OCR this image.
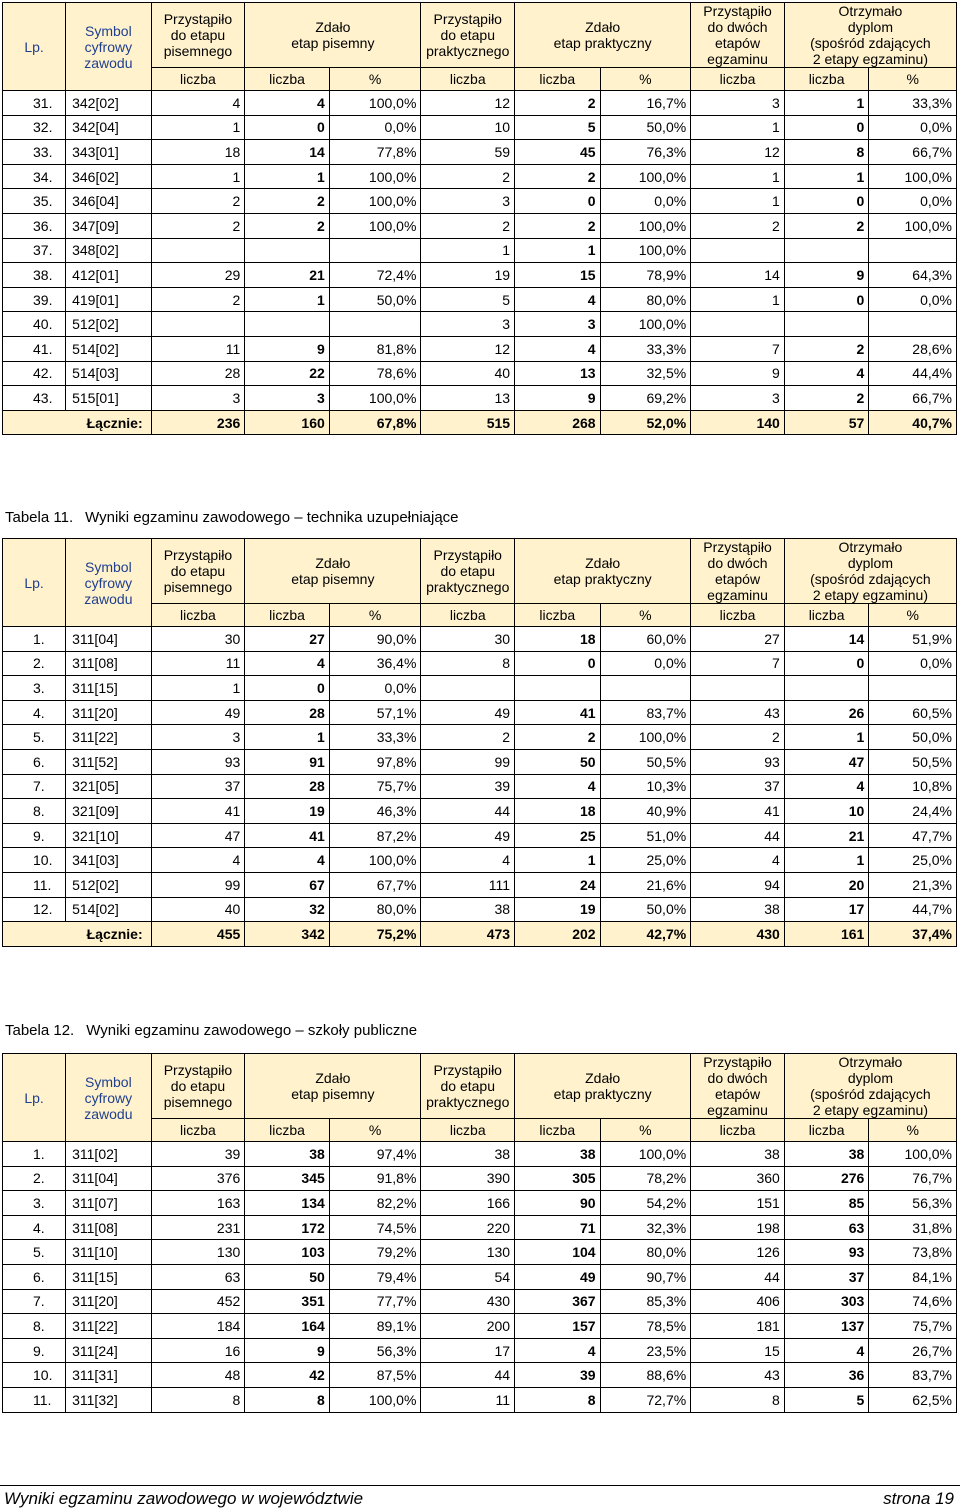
Lp.	Symbol
cyfrowy
zawodu	Przystąpiło
do etapu
pisemnego	Zdało
etap pisemny		Przystąpiło
do etapu
praktycznego	Zdało
etap praktyczny		Przystąpiło
do dwóch
etapów
egzaminu	Otrzymało
dyplom
(spośród zdających
2 etapy egzaminu)	
		liczba	liczba	%	liczba	liczba	%	liczba	liczba	%
31.	342[02]	4	4	100,0%	12	2	16,7%	3	1	33,3%
32.	342[04]	1	0	0,0%	10	5	50,0%	1	0	0,0%
33.	343[01]	18	14	77,8%	59	45	76,3%	12	8	66,7%
34.	346[02]	1	1	100,0%	2	2	100,0%	1	1	100,0%
35.	346[04]	2	2	100,0%	3	0	0,0%	1	0	0,0%
36.	347[09]	2	2	100,0%	2	2	100,0%	2	2	100,0%
37.	348[02]				1	1	100,0%			
38.	412[01]	29	21	72,4%	19	15	78,9%	14	9	64,3%
39.	419[01]	2	1	50,0%	5	4	80,0%	1	0	0,0%
40.	512[02]				3	3	100,0%			
41.	514[02]	11	9	81,8%	12	4	33,3%	7	2	28,6%
42.	514[03]	28	22	78,6%	40	13	32,5%	9	4	44,4%
43.	515[01]	3	3	100,0%	13	9	69,2%	3	2	66,7%
Łącznie:		236	160	67,8%	515	268	52,0%	140	57	40,7%
Tabela 11. Wyniki egzaminu zawodowego – technika uzupełniające
Lp.	Symbol
cyfrowy
zawodu	Przystąpiło
do etapu
pisemnego	Zdało
etap pisemny		Przystąpiło
do etapu
praktycznego	Zdało
etap praktyczny		Przystąpiło
do dwóch
etapów
egzaminu	Otrzymało
dyplom
(spośród zdających
2 etapy egzaminu)	
		liczba	liczba	%	liczba	liczba	%	liczba	liczba	%
1.	311[04]	30	27	90,0%	30	18	60,0%	27	14	51,9%
2.	311[08]	11	4	36,4%	8	0	0,0%	7	0	0,0%
3.	311[15]	1	0	0,0%						
4.	311[20]	49	28	57,1%	49	41	83,7%	43	26	60,5%
5.	311[22]	3	1	33,3%	2	2	100,0%	2	1	50,0%
6.	311[52]	93	91	97,8%	99	50	50,5%	93	47	50,5%
7.	321[05]	37	28	75,7%	39	4	10,3%	37	4	10,8%
8.	321[09]	41	19	46,3%	44	18	40,9%	41	10	24,4%
9.	321[10]	47	41	87,2%	49	25	51,0%	44	21	47,7%
10.	341[03]	4	4	100,0%	4	1	25,0%	4	1	25,0%
11.	512[02]	99	67	67,7%	111	24	21,6%	94	20	21,3%
12.	514[02]	40	32	80,0%	38	19	50,0%	38	17	44,7%
Łącznie:		455	342	75,2%	473	202	42,7%	430	161	37,4%
Tabela 12. Wyniki egzaminu zawodowego – szkoły publiczne
Lp.	Symbol
cyfrowy
zawodu	Przystąpiło
do etapu
pisemnego	Zdało
etap pisemny		Przystąpiło
do etapu
praktycznego	Zdało
etap praktyczny		Przystąpiło
do dwóch
etapów
egzaminu	Otrzymało
dyplom
(spośród zdających
2 etapy egzaminu)	
		liczba	liczba	%	liczba	liczba	%	liczba	liczba	%
1.	311[02]	39	38	97,4%	38	38	100,0%	38	38	100,0%
2.	311[04]	376	345	91,8%	390	305	78,2%	360	276	76,7%
3.	311[07]	163	134	82,2%	166	90	54,2%	151	85	56,3%
4.	311[08]	231	172	74,5%	220	71	32,3%	198	63	31,8%
5.	311[10]	130	103	79,2%	130	104	80,0%	126	93	73,8%
6.	311[15]	63	50	79,4%	54	49	90,7%	44	37	84,1%
7.	311[20]	452	351	77,7%	430	367	85,3%	406	303	74,6%
8.	311[22]	184	164	89,1%	200	157	78,5%	181	137	75,7%
9.	311[24]	16	9	56,3%	17	4	23,5%	15	4	26,7%
10.	311[31]	48	42	87,5%	44	39	88,6%	43	36	83,7%
11.	311[32]	8	8	100,0%	11	8	72,7%	8	5	62,5%
Wyniki egzaminu zawodowego w województwie	strona 19
